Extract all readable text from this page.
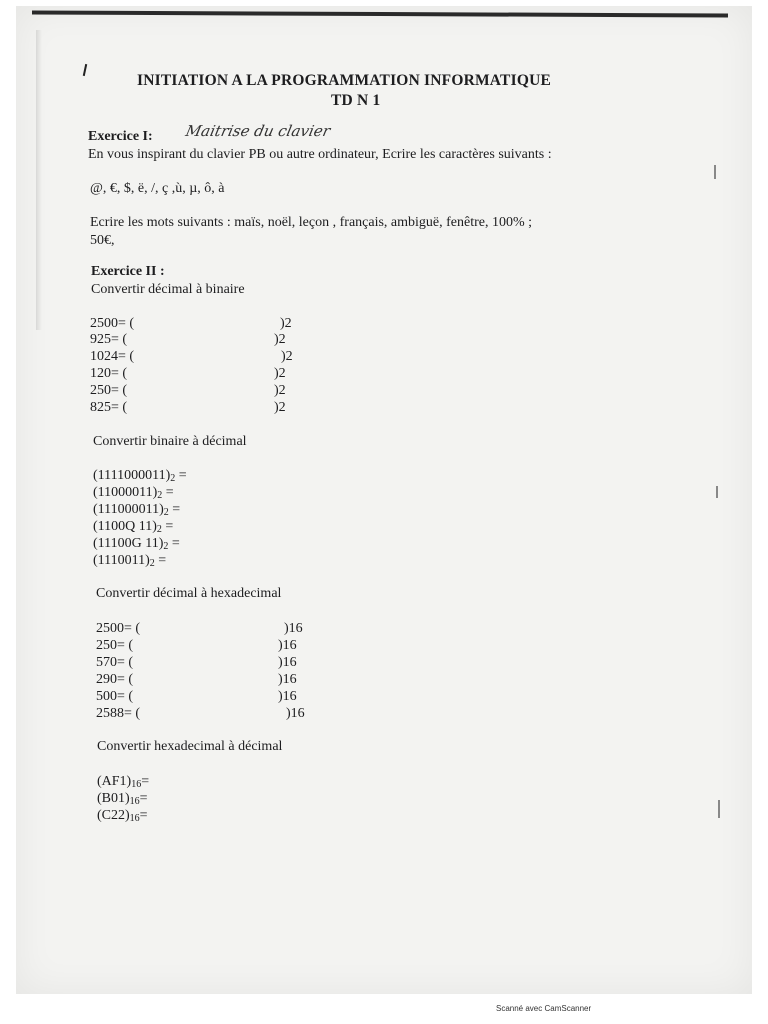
INITIATION A LA PROGRAMMATION INFORMATIQUE
TD N 1
Exercice I: Maitrise du clavier
En vous inspirant du clavier PB ou autre ordinateur, Ecrire les caractères suivants :
@, €, $, ë, /, ç ,ù, µ, ô, à
Ecrire les mots suivants : maïs, noël, leçon , français, ambiguë, fenêtre, 100% ;
50€,
Exercice II :
Convertir décimal à binaire
2500= (	)2
925= (	)2
1024= (	)2
120= (	)2
250= (	)2
825= (	)2
Convertir binaire à décimal
(1111000011)2 =
(11000011)2 =
(111000011)2 =
(1100Q 11)2 =
(11100G 11)2 =
(1110011)2 =
Convertir décimal à hexadecimal
2500= (	)16
250= (	)16
570= (	)16
290= (	)16
500= (	)16
2588= (	)16
Convertir hexadecimal à décimal
(AF1)16=
(B01)16=
(C22)16=
Scanné avec CamScanner
